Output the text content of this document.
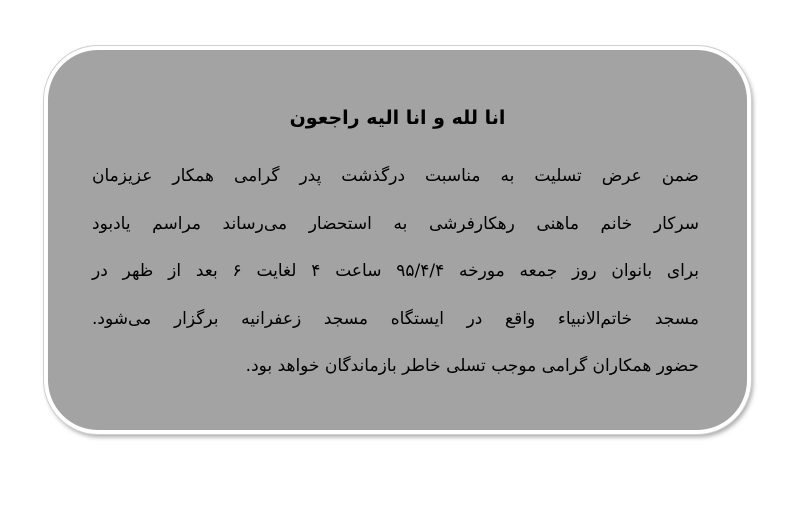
انا لله و انا اليه راجعون
ضمن عرض تسلیت به مناسبت درگذشت پدر گرامی همکار عزیزمان
سرکار خانم ماهنی رهکارفرشی به استحضار می‌رساند مراسم یادبود
برای بانوان روز جمعه مورخه ۹۵/۴/۴ ساعت ۴ لغایت ۶ بعد از ظهر در
مسجد خاتم‌الانبیاء واقع در ایستگاه مسجد زعفرانیه برگزار می‌شود.
حضور همکاران گرامی موجب تسلی خاطر بازماندگان خواهد بود.
